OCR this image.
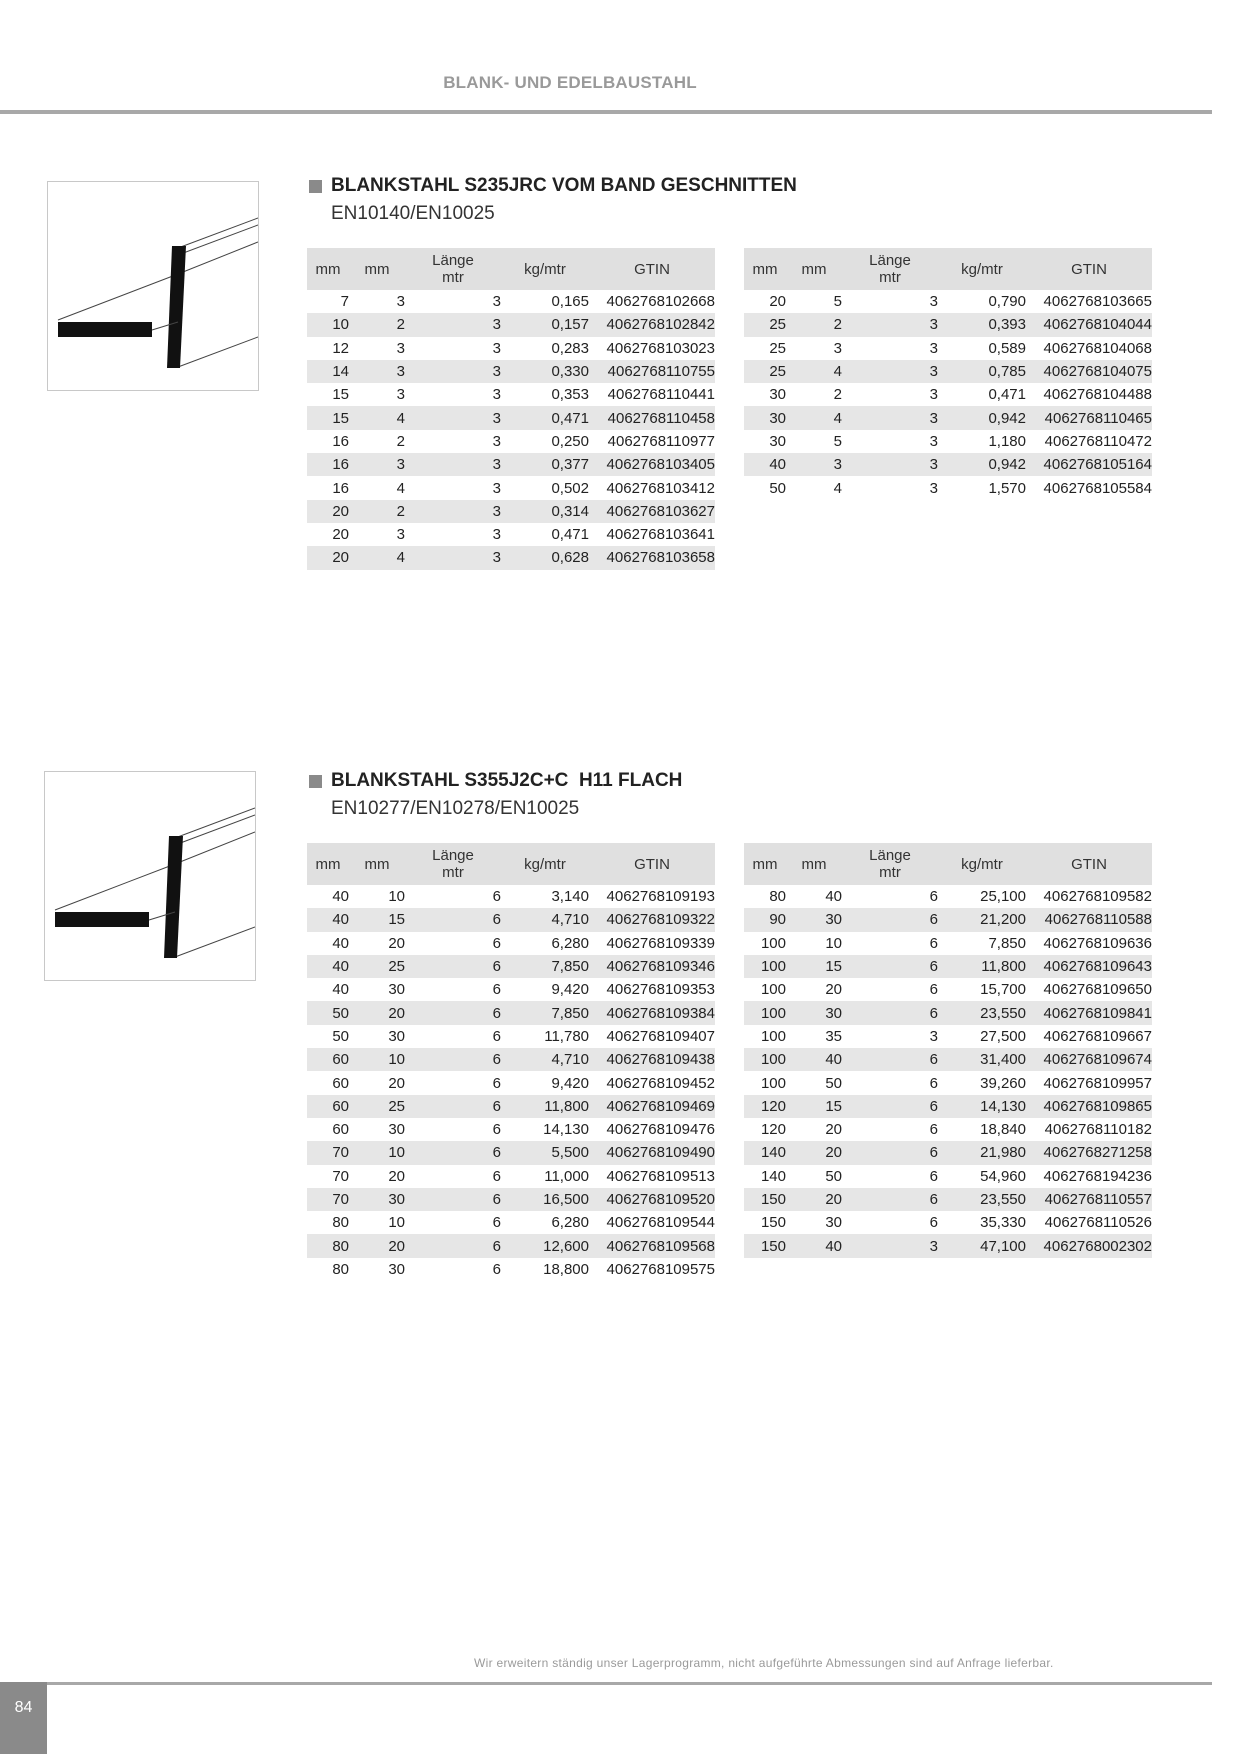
BLANK- UND EDELBAUSTAHL
BLANKSTAHL S235JRC VOM BAND GESCHNITTEN
EN10140/EN10025
mm	mm	Länge
mtr	kg/mtr	GTIN
7	3	3	0,165	4062768102668
10	2	3	0,157	4062768102842
12	3	3	0,283	4062768103023
14	3	3	0,330	4062768110755
15	3	3	0,353	4062768110441
15	4	3	0,471	4062768110458
16	2	3	0,250	4062768110977
16	3	3	0,377	4062768103405
16	4	3	0,502	4062768103412
20	2	3	0,314	4062768103627
20	3	3	0,471	4062768103641
20	4	3	0,628	4062768103658
mm	mm	Länge
mtr	kg/mtr	GTIN
20	5	3	0,790	4062768103665
25	2	3	0,393	4062768104044
25	3	3	0,589	4062768104068
25	4	3	0,785	4062768104075
30	2	3	0,471	4062768104488
30	4	3	0,942	4062768110465
30	5	3	1,180	4062768110472
40	3	3	0,942	4062768105164
50	4	3	1,570	4062768105584
BLANKSTAHL S355J2C+C  H11 FLACH
EN10277/EN10278/EN10025
mm	mm	Länge
mtr	kg/mtr	GTIN
40	10	6	3,140	4062768109193
40	15	6	4,710	4062768109322
40	20	6	6,280	4062768109339
40	25	6	7,850	4062768109346
40	30	6	9,420	4062768109353
50	20	6	7,850	4062768109384
50	30	6	11,780	4062768109407
60	10	6	4,710	4062768109438
60	20	6	9,420	4062768109452
60	25	6	11,800	4062768109469
60	30	6	14,130	4062768109476
70	10	6	5,500	4062768109490
70	20	6	11,000	4062768109513
70	30	6	16,500	4062768109520
80	10	6	6,280	4062768109544
80	20	6	12,600	4062768109568
80	30	6	18,800	4062768109575
mm	mm	Länge
mtr	kg/mtr	GTIN
80	40	6	25,100	4062768109582
90	30	6	21,200	4062768110588
100	10	6	7,850	4062768109636
100	15	6	11,800	4062768109643
100	20	6	15,700	4062768109650
100	30	6	23,550	4062768109841
100	35	3	27,500	4062768109667
100	40	6	31,400	4062768109674
100	50	6	39,260	4062768109957
120	15	6	14,130	4062768109865
120	20	6	18,840	4062768110182
140	20	6	21,980	4062768271258
140	50	6	54,960	4062768194236
150	20	6	23,550	4062768110557
150	30	6	35,330	4062768110526
150	40	3	47,100	4062768002302
Wir erweitern ständig unser Lagerprogramm, nicht aufgeführte Abmessungen sind auf Anfrage lieferbar.
84
